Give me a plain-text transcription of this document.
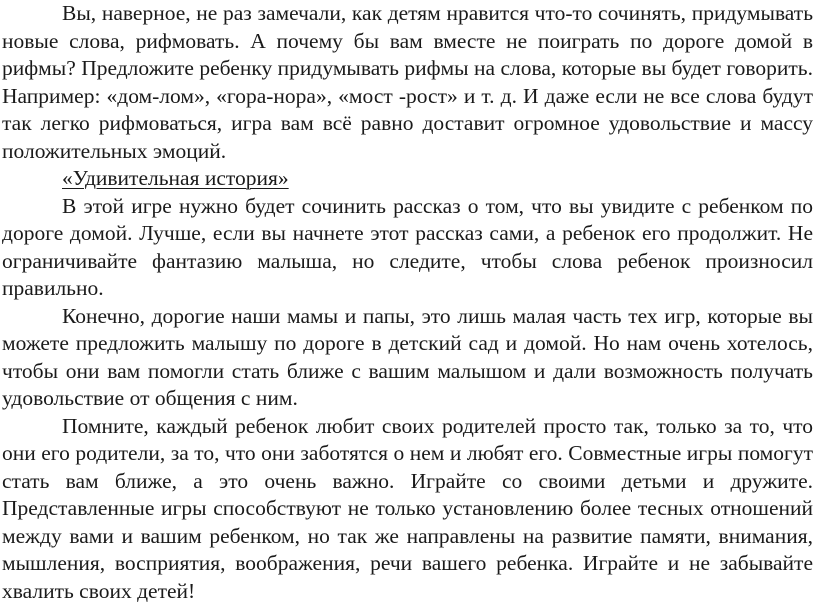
Вы, наверное, не раз замечали, как детям нравится что-то сочинять, придумывать новые слова, рифмовать. А почему бы вам вместе не поиграть по дороге домой в рифмы? Предложите ребенку придумывать рифмы на слова, которые вы будет говорить. Например: «дом-лом», «гора-нора», «мост -рост» и т. д. И даже если не все слова будут так легко рифмоваться, игра вам всё равно доставит огромное удовольствие и массу положительных эмоций.

«Удивительная история»

В этой игре нужно будет сочинить рассказ о том, что вы увидите с ребенком по дороге домой. Лучше, если вы начнете этот рассказ сами, а ребенок его продолжит. Не ограничивайте фантазию малыша, но следите, чтобы слова ребенок произносил правильно.

Конечно, дорогие наши мамы и папы, это лишь малая часть тех игр, которые вы можете предложить малышу по дороге в детский сад и домой. Но нам очень хотелось, чтобы они вам помогли стать ближе с вашим малышом и дали возможность получать удовольствие от общения с ним.

Помните, каждый ребенок любит своих родителей просто так, только за то, что они его родители, за то, что они заботятся о нем и любят его. Совместные игры помогут стать вам ближе, а это очень важно. Играйте со своими детьми и дружите. Представленные игры способствуют не только установлению более тесных отношений между вами и вашим ребенком, но так же направлены на развитие памяти, внимания, мышления, восприятия, воображения, речи вашего ребенка. Играйте и не забывайте хвалить своих детей!
